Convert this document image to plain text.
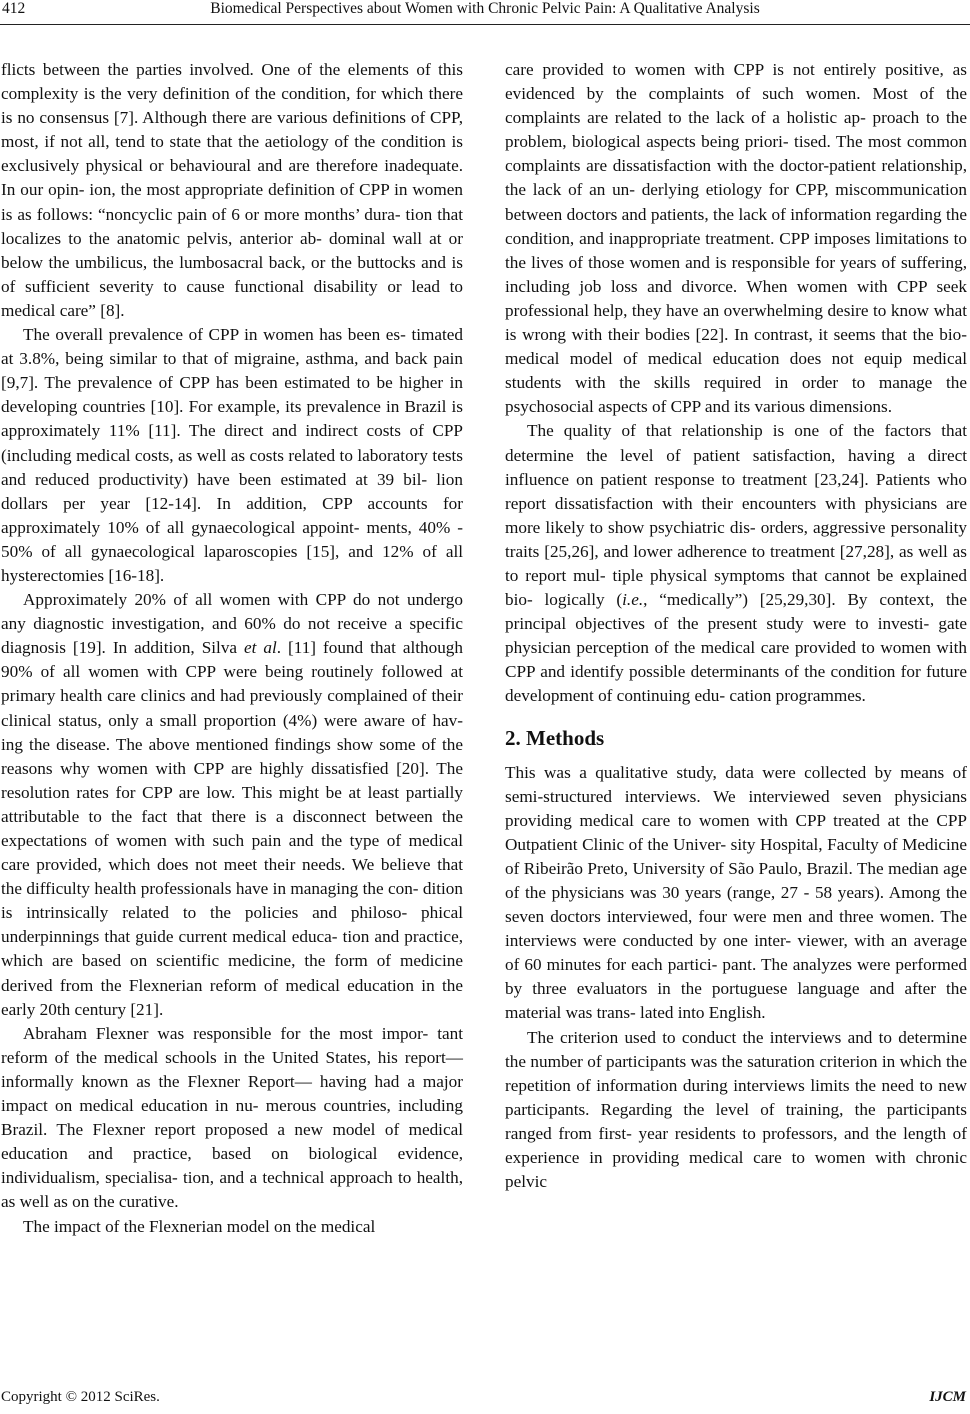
412	Biomedical Perspectives about Women with Chronic Pelvic Pain: A Qualitative Analysis

flicts between the parties involved. One of the elements of this complexity is the very definition of the condition, for which there is no consensus [7]. Although there are various definitions of CPP, most, if not all, tend to state that the aetiology of the condition is exclusively physical or behavioural and are therefore inadequate. In our opin- ion, the most appropriate definition of CPP in women is as follows: “noncyclic pain of 6 or more months’ dura- tion that localizes to the anatomic pelvis, anterior ab- dominal wall at or below the umbilicus, the lumbosacral back, or the buttocks and is of sufficient severity to cause functional disability or lead to medical care” [8].

The overall prevalence of CPP in women has been es- timated at 3.8%, being similar to that of migraine, asthma, and back pain [9,7]. The prevalence of CPP has been estimated to be higher in developing countries [10]. For example, its prevalence in Brazil is approximately 11% [11]. The direct and indirect costs of CPP (including medical costs, as well as costs related to laboratory tests and reduced productivity) have been estimated at 39 bil- lion dollars per year [12-14]. In addition, CPP accounts for approximately 10% of all gynaecological appoint- ments, 40% - 50% of all gynaecological laparoscopies [15], and 12% of all hysterectomies [16-18].

Approximately 20% of all women with CPP do not undergo any diagnostic investigation, and 60% do not receive a specific diagnosis [19]. In addition, Silva et al. [11] found that although 90% of all women with CPP were being routinely followed at primary health care clinics and had previously complained of their clinical status, only a small proportion (4%) were aware of hav- ing the disease. The above mentioned findings show some of the reasons why women with CPP are highly dissatisfied [20]. The resolution rates for CPP are low. This might be at least partially attributable to the fact that there is a disconnect between the expectations of women with such pain and the type of medical care provided, which does not meet their needs. We believe that the difficulty health professionals have in managing the con- dition is intrinsically related to the policies and philoso- phical underpinnings that guide current medical educa- tion and practice, which are based on scientific medicine, the form of medicine derived from the Flexnerian reform of medical education in the early 20th century [21].

Abraham Flexner was responsible for the most impor- tant reform of the medical schools in the United States, his report—informally known as the Flexner Report— having had a major impact on medical education in nu- merous countries, including Brazil. The Flexner report proposed a new model of medical education and practice, based on biological evidence, individualism, specialisa- tion, and a technical approach to health, as well as on the curative.

The impact of the Flexnerian model on the medical

care provided to women with CPP is not entirely positive, as evidenced by the complaints of such women. Most of the complaints are related to the lack of a holistic ap- proach to the problem, biological aspects being priori- tised. The most common complaints are dissatisfaction with the doctor-patient relationship, the lack of an un- derlying etiology for CPP, miscommunication between doctors and patients, the lack of information regarding the condition, and inappropriate treatment. CPP imposes limitations to the lives of those women and is responsible for years of suffering, including job loss and divorce. When women with CPP seek professional help, they have an overwhelming desire to know what is wrong with their bodies [22]. In contrast, it seems that the bio- medical model of medical education does not equip medical students with the skills required in order to manage the psychosocial aspects of CPP and its various dimensions.

The quality of that relationship is one of the factors that determine the level of patient satisfaction, having a direct influence on patient response to treatment [23,24]. Patients who report dissatisfaction with their encounters with physicians are more likely to show psychiatric dis- orders, aggressive personality traits [25,26], and lower adherence to treatment [27,28], as well as to report mul- tiple physical symptoms that cannot be explained bio- logically (i.e., “medically”) [25,29,30]. By context, the principal objectives of the present study were to investi- gate physician perception of the medical care provided to women with CPP and identify possible determinants of the condition for future development of continuing edu- cation programmes.

2. Methods

This was a qualitative study, data were collected by means of semi-structured interviews. We interviewed seven physicians providing medical care to women with CPP treated at the CPP Outpatient Clinic of the Univer- sity Hospital, Faculty of Medicine of Ribeirão Preto, University of São Paulo, Brazil. The median age of the physicians was 30 years (range, 27 - 58 years). Among the seven doctors interviewed, four were men and three women. The interviews were conducted by one inter- viewer, with an average of 60 minutes for each partici- pant. The analyzes were performed by three evaluators in the portuguese language and after the material was trans- lated into English.

The criterion used to conduct the interviews and to determine the number of participants was the saturation criterion in which the repetition of information during interviews limits the need to new participants. Regarding the level of training, the participants ranged from first- year residents to professors, and the length of experience in providing medical care to women with chronic pelvic

Copyright © 2012 SciRes.	IJCM
